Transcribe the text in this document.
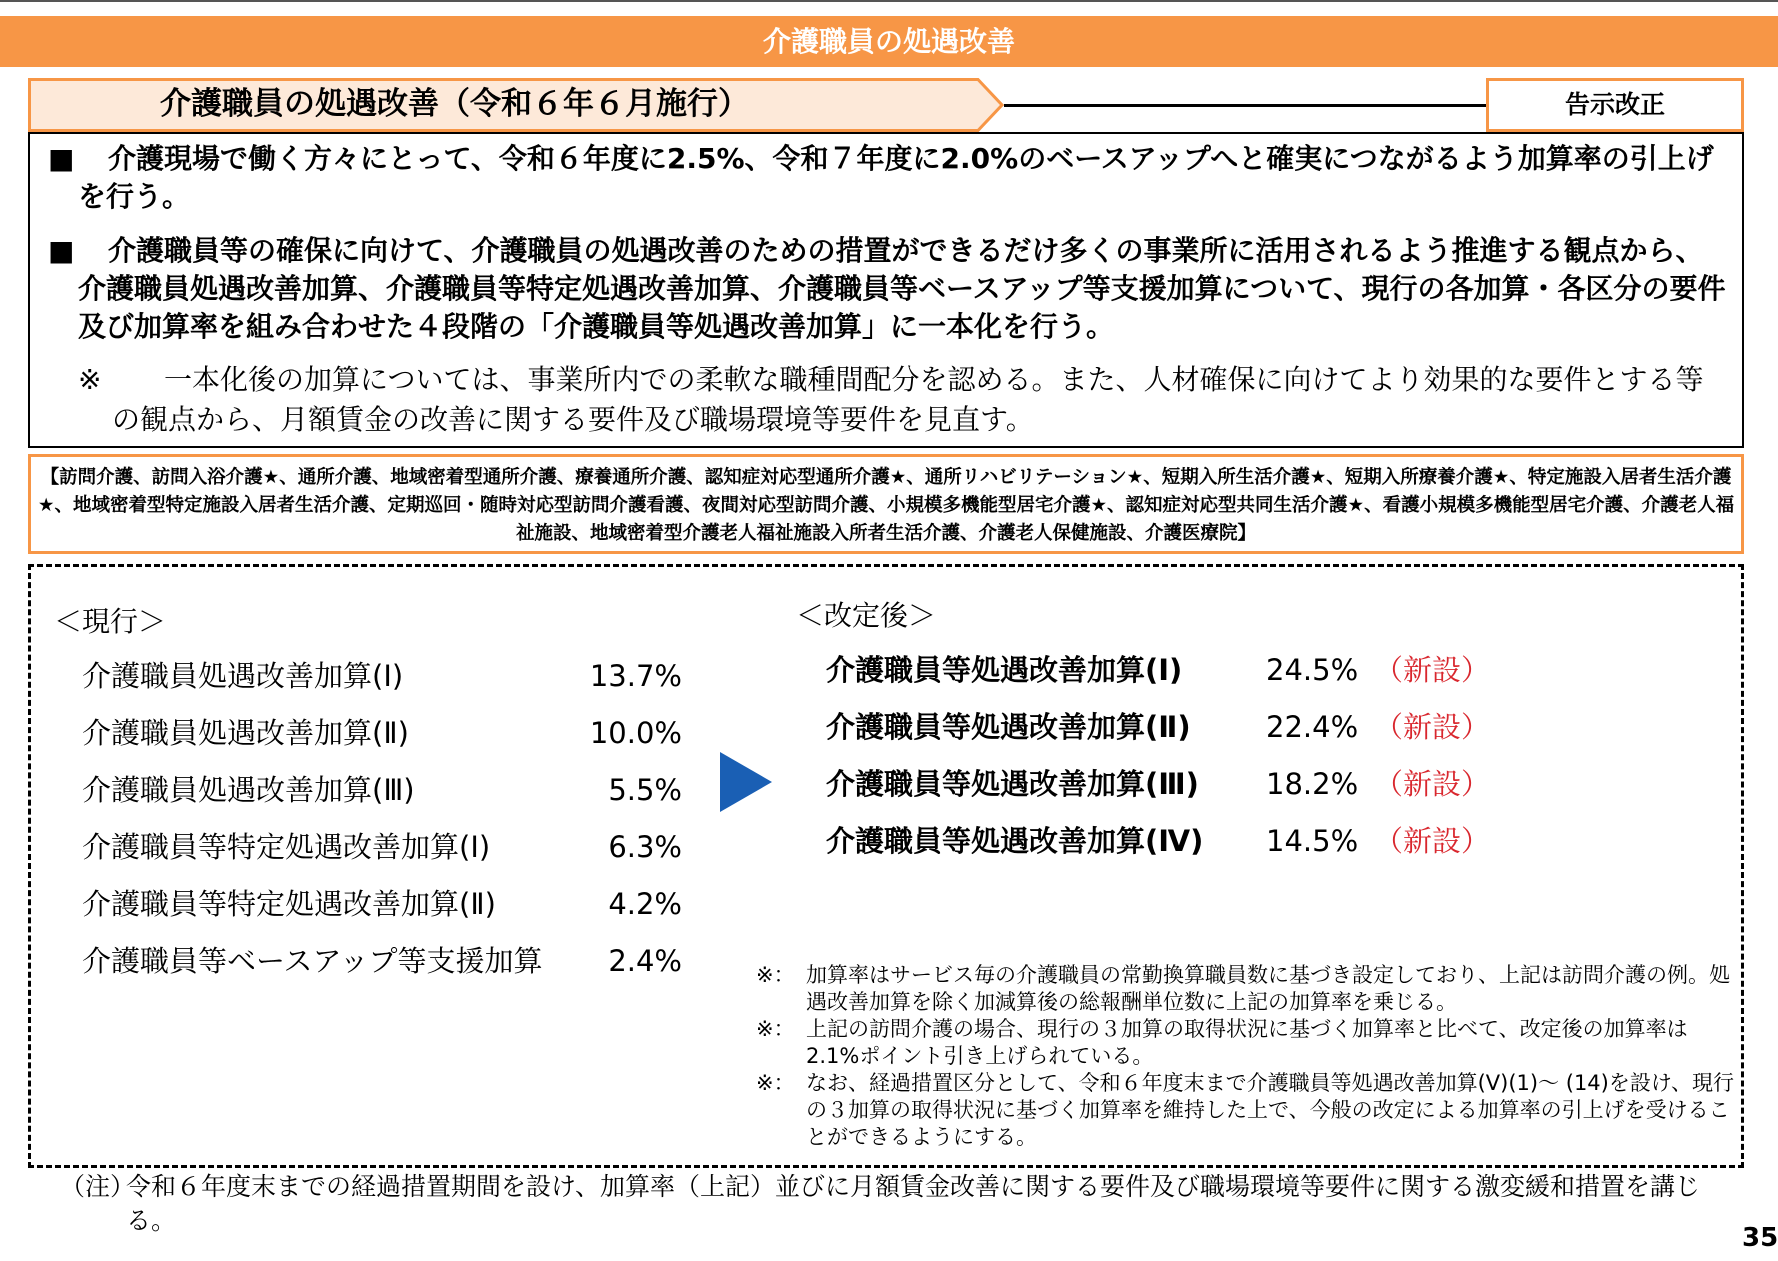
介護職員の処遇改善
介護職員の処遇改善（令和６年６月施行）	告示改正
■	介護現場で働く方々にとって、令和６年度に2.5%、令和７年度に2.0%のベースアップへと確実につながるよう加算率の引上げを行う。
■	介護職員等の確保に向けて、介護職員の処遇改善のための措置ができるだけ多くの事業所に活用されるよう推進する観点から、介護職員処遇改善加算、介護職員等特定処遇改善加算、介護職員等ベースアップ等支援加算について、現行の各加算・各区分の要件及び加算率を組み合わせた４段階の「介護職員等処遇改善加算」に一本化を行う。
※	一本化後の加算については、事業所内での柔軟な職種間配分を認める。また、人材確保に向けてより効果的な要件とする等の観点から、月額賃金の改善に関する要件及び職場環境等要件を見直す。
【訪問介護、訪問入浴介護★、通所介護、地域密着型通所介護、療養通所介護、認知症対応型通所介護★、通所リハビリテーション★、短期入所生活介護★、短期入所療養介護★、特定施設入居者生活介護★、地域密着型特定施設入居者生活介護、定期巡回・随時対応型訪問介護看護、夜間対応型訪問介護、小規模多機能型居宅介護★、認知症対応型共同生活介護★、看護小規模多機能型居宅介護、介護老人福祉施設、地域密着型介護老人福祉施設入所者生活介護、介護老人保健施設、介護医療院】
＜現行＞
介護職員処遇改善加算(Ⅰ)	13.7%
介護職員処遇改善加算(Ⅱ)	10.0%
介護職員処遇改善加算(Ⅲ)	5.5%
介護職員等特定処遇改善加算(Ⅰ)	6.3%
介護職員等特定処遇改善加算(Ⅱ)	4.2%
介護職員等ベースアップ等支援加算 2.4%
＜改定後＞
介護職員等処遇改善加算(Ⅰ)	24.5% （新設）
介護職員等処遇改善加算(Ⅱ)	22.4% （新設）
介護職員等処遇改善加算(Ⅲ) 18.2% （新設）
介護職員等処遇改善加算(Ⅳ) 14.5% （新設）
※： 加算率はサービス毎の介護職員の常勤換算職員数に基づき設定しており、上記は訪問介護の例。処遇改善加算を除く加減算後の総報酬単位数に上記の加算率を乗じる。
※： 上記の訪問介護の場合、現行の３加算の取得状況に基づく加算率と比べて、改定後の加算率は2.1%ポイント引き上げられている。
※： なお、経過措置区分として、令和６年度末まで介護職員等処遇改善加算(Ⅴ)(1)～ (14)を設け、現行の３加算の取得状況に基づく加算率を維持した上で、今般の改定による加算率の引上げを受けることができるようにする。
（注）
令和６年度末までの経過措置期間を設け、加算率（上記）並びに月額賃金改善に関する要件及び職場環境等要件に関する激変緩和措置を講じる。
35
